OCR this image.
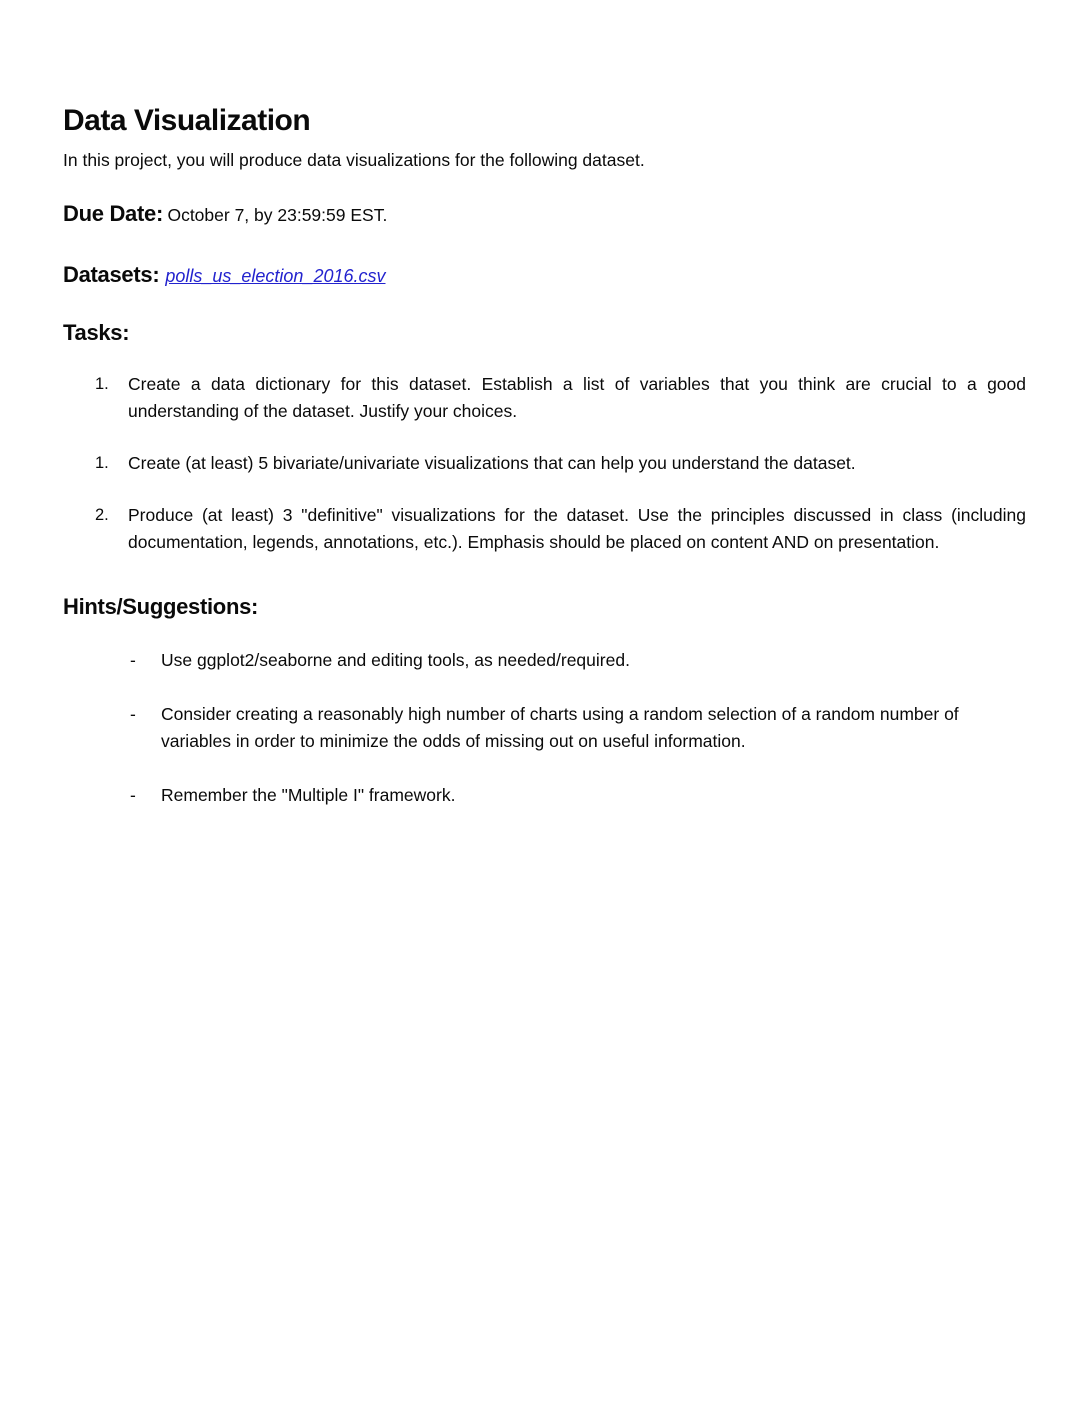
Data Visualization

In this project, you will produce data visualizations for the following dataset.

Due Date: October 7, by 23:59:59 EST.
Datasets: polls_us_election_2016.csv
Tasks:
1.	Create a data dictionary for this dataset. Establish a list of variables that you think are crucial to a good understanding of the dataset. Justify your choices.
1.	Create (at least) 5 bivariate/univariate visualizations that can help you understand the dataset.
2.	Produce (at least) 3 "definitive" visualizations for the dataset. Use the principles discussed in class (including documentation, legends, annotations, etc.). Emphasis should be placed on content AND on presentation.
Hints/Suggestions:
-	Use ggplot2/seaborne and editing tools, as needed/required.
-	Consider creating a reasonably high number of charts using a random selection of a random number of variables in order to minimize the odds of missing out on useful information.
-	Remember the "Multiple I" framework.
